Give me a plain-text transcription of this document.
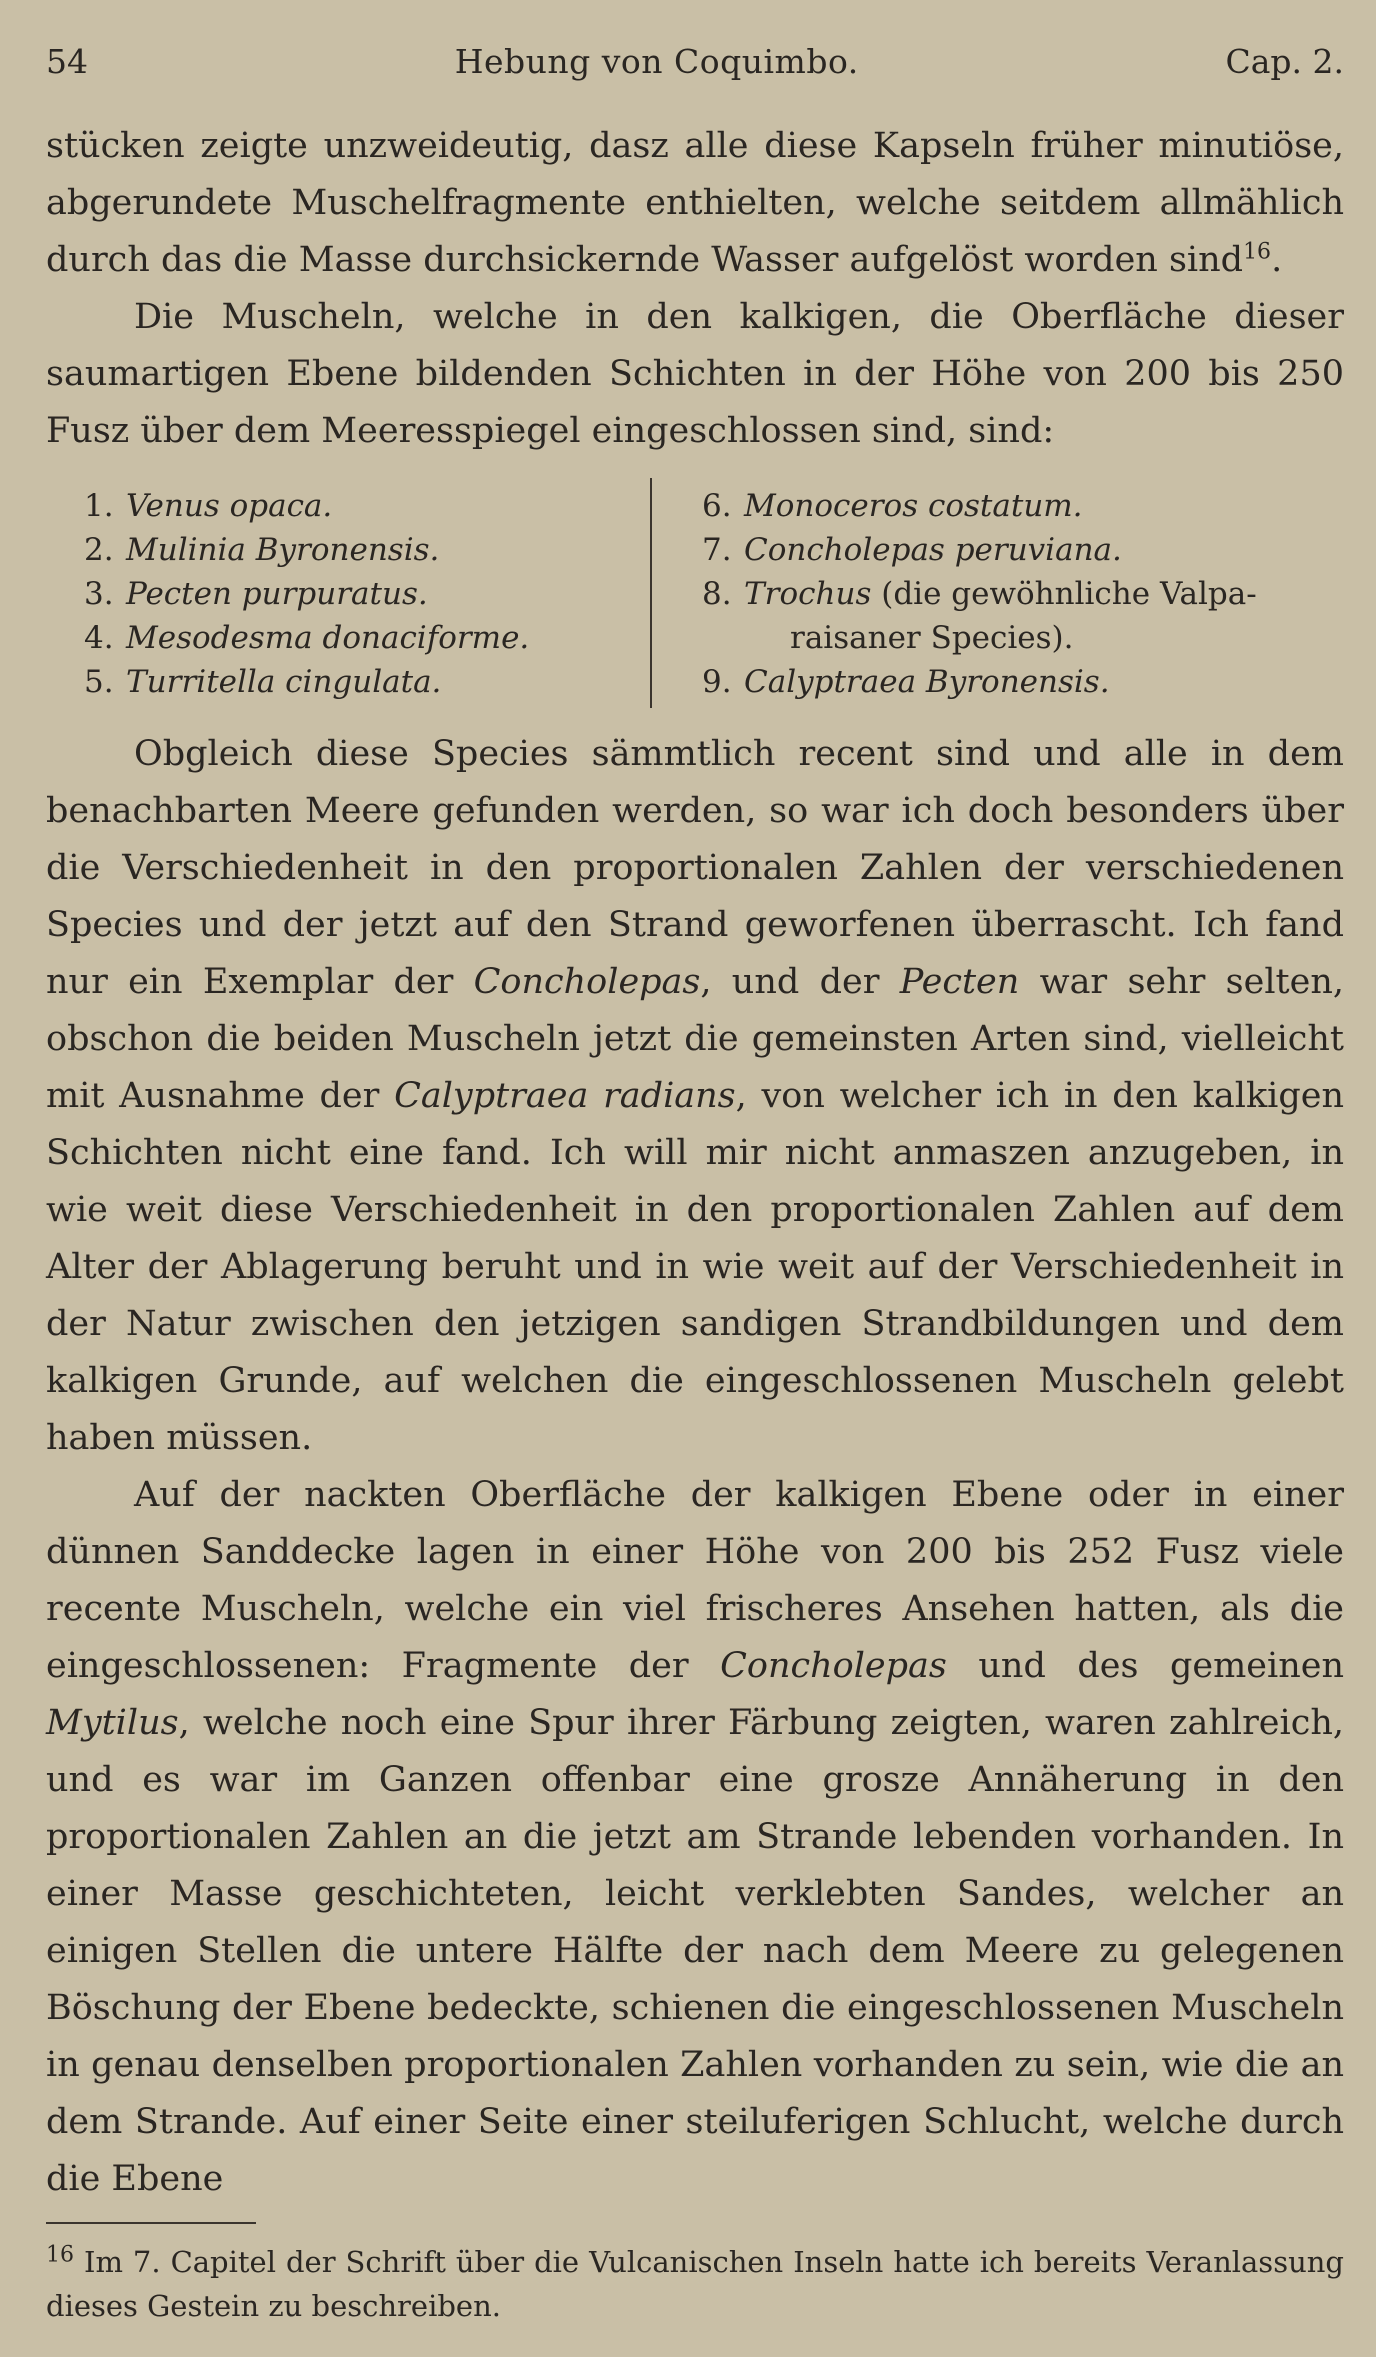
54	Hebung von Coquimbo.	Cap. 2.

stücken zeigte unzweideutig, dasz alle diese Kapseln früher minutiöse, abgerundete Muschelfragmente enthielten, welche seitdem allmählich durch das die Masse durchsickernde Wasser aufgelöst worden sind$^{16}$.

Die Muscheln, welche in den kalkigen, die Oberfläche dieser saumartigen Ebene bildenden Schichten in der Höhe von 200 bis 250 Fusz über dem Meeresspiegel eingeschlossen sind, sind:

1. Venus opaca.
2. Mulinia Byronensis.
3. Pecten purpuratus.
4. Mesodesma donaciforme.
5. Turritella cingulata.
6. Monoceros costatum.
7. Concholepas peruviana.
8. Trochus (die gewöhnliche Valpa-
raisaner Species).
9. Calyptraea Byronensis.

Obgleich diese Species sämmtlich recent sind und alle in dem benachbarten Meere gefunden werden, so war ich doch besonders über die Verschiedenheit in den proportionalen Zahlen der verschiedenen Species und der jetzt auf den Strand geworfenen überrascht. Ich fand nur ein Exemplar der Concholepas, und der Pecten war sehr selten, obschon die beiden Muscheln jetzt die gemeinsten Arten sind, vielleicht mit Ausnahme der Calyptraea radians, von welcher ich in den kalkigen Schichten nicht eine fand. Ich will mir nicht anmaszen anzugeben, in wie weit diese Verschiedenheit in den proportionalen Zahlen auf dem Alter der Ablagerung beruht und in wie weit auf der Verschiedenheit in der Natur zwischen den jetzigen sandigen Strandbildungen und dem kalkigen Grunde, auf welchen die eingeschlossenen Muscheln gelebt haben müssen.

Auf der nackten Oberfläche der kalkigen Ebene oder in einer dünnen Sanddecke lagen in einer Höhe von 200 bis 252 Fusz viele recente Muscheln, welche ein viel frischeres Ansehen hatten, als die eingeschlossenen: Fragmente der Concholepas und des gemeinen Mytilus, welche noch eine Spur ihrer Färbung zeigten, waren zahlreich, und es war im Ganzen offenbar eine grosze Annäherung in den proportionalen Zahlen an die jetzt am Strande lebenden vorhanden. In einer Masse geschichteten, leicht verklebten Sandes, welcher an einigen Stellen die untere Hälfte der nach dem Meere zu gelegenen Böschung der Ebene bedeckte, schienen die eingeschlossenen Muscheln in genau denselben proportionalen Zahlen vorhanden zu sein, wie die an dem Strande. Auf einer Seite einer steiluferigen Schlucht, welche durch die Ebene

$^{16}$ Im 7. Capitel der Schrift über die Vulcanischen Inseln hatte ich bereits Veranlassung dieses Gestein zu beschreiben.
